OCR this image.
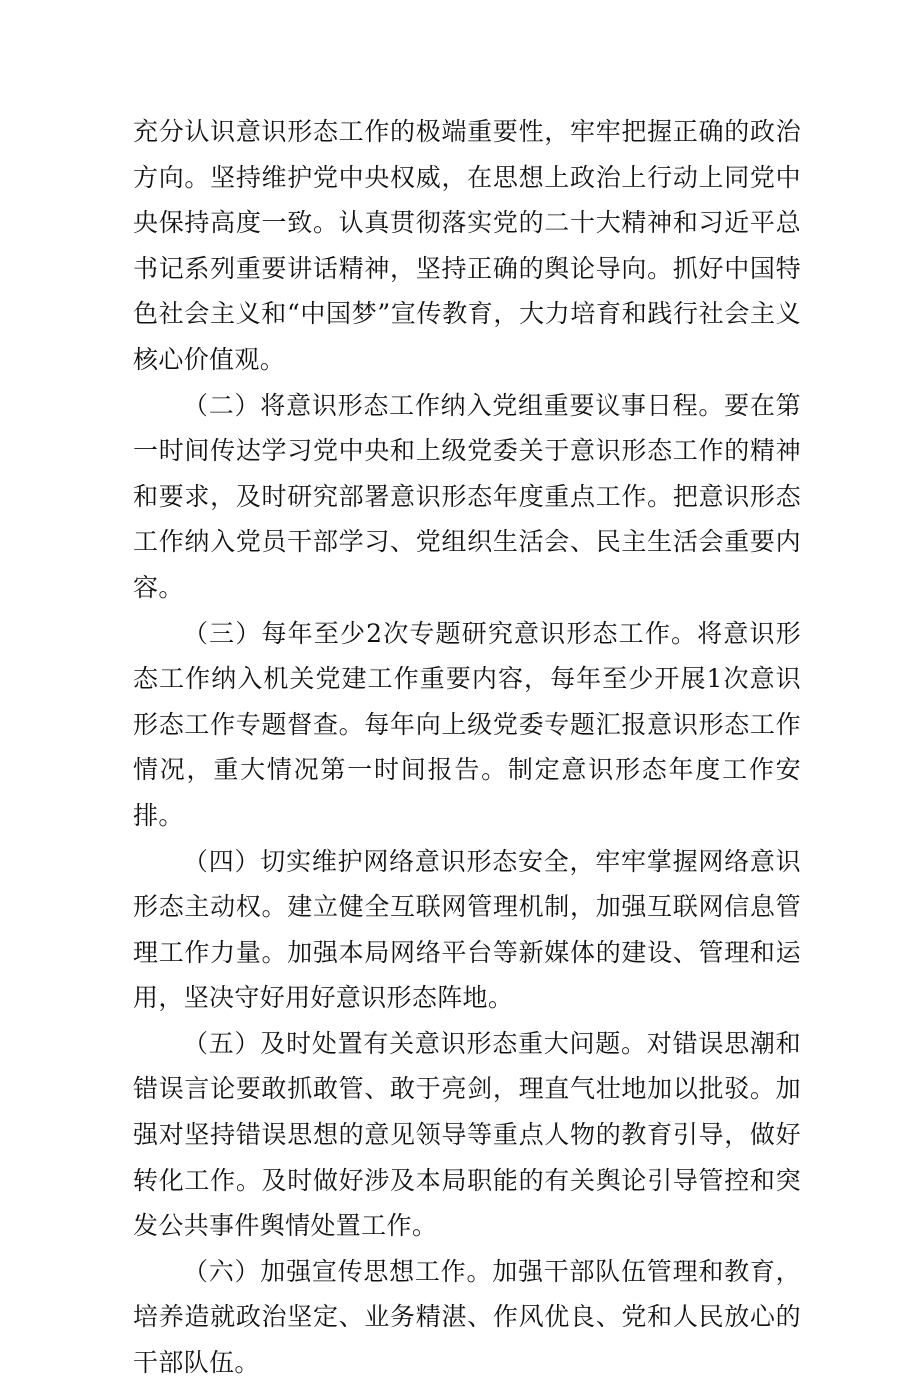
充分认识意识形态工作的极端重要性，牢牢把握正确的政治方向。坚持维护党中央权威，在思想上政治上行动上同党中央保持高度一致。认真贯彻落实党的二十大精神和习近平总书记系列重要讲话精神，坚持正确的舆论导向。抓好中国特色社会主义和“中国梦”宣传教育，大力培育和践行社会主义核心价值观。

（二）将意识形态工作纳入党组重要议事日程。要在第一时间传达学习党中央和上级党委关于意识形态工作的精神和要求，及时研究部署意识形态年度重点工作。把意识形态工作纳入党员干部学习、党组织生活会、民主生活会重要内容。

（三）每年至少2次专题研究意识形态工作。将意识形态工作纳入机关党建工作重要内容，每年至少开展1次意识形态工作专题督查。每年向上级党委专题汇报意识形态工作情况，重大情况第一时间报告。制定意识形态年度工作安排。

（四）切实维护网络意识形态安全，牢牢掌握网络意识形态主动权。建立健全互联网管理机制，加强互联网信息管理工作力量。加强本局网络平台等新媒体的建设、管理和运用，坚决守好用好意识形态阵地。

（五）及时处置有关意识形态重大问题。对错误思潮和错误言论要敢抓敢管、敢于亮剑，理直气壮地加以批驳。加强对坚持错误思想的意见领导等重点人物的教育引导，做好转化工作。及时做好涉及本局职能的有关舆论引导管控和突发公共事件舆情处置工作。

（六）加强宣传思想工作。加强干部队伍管理和教育，培养造就政治坚定、业务精湛、作风优良、党和人民放心的干部队伍。
